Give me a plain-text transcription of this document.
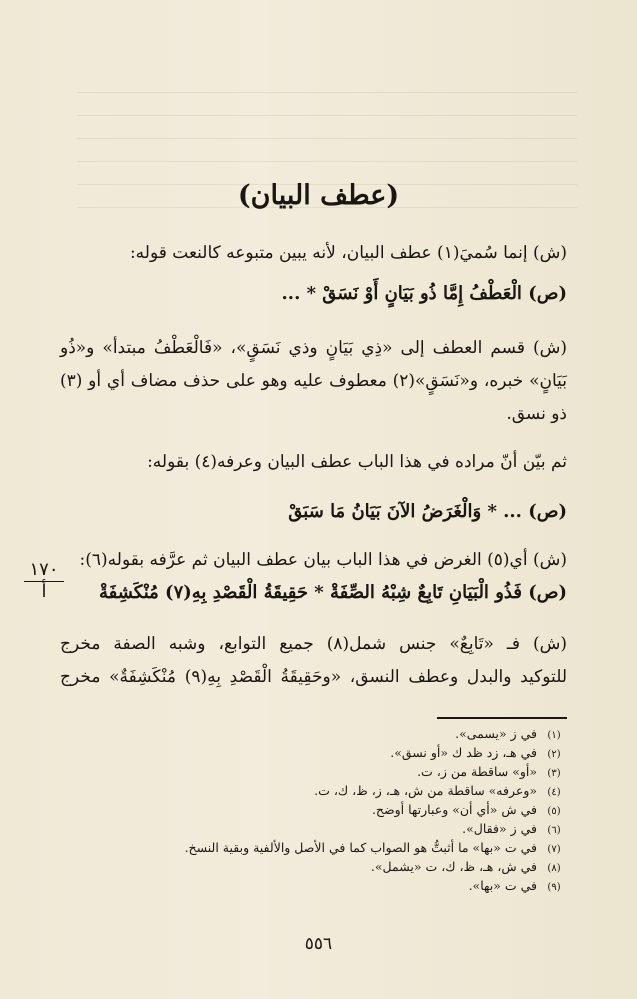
(عطف البيان)
(ش) إنما سُميَ(١) عطف البيان، لأنه يبين متبوعه كالنعت قوله:
(ص) الْعَطْفُ إِمَّا ذُو بَيَانٍ أَوْ نَسَقْ * ...
(ش) قسم العطف إلى «ذِي بَيَانٍ وذي نَسَقٍ»، «فَالْعَطْفُ مبتدأ» و«ذُو
بَيَانٍ» خبره، و«نَسَقٍ»(٢) معطوف عليه وهو على حذف مضاف أي أو (٣)
ذو نسق.
ثم بيّن أنّ مراده في هذا الباب عطف البيان وعرفه(٤) بقوله:
(ص) ... * وَالْغَرَضُ الآنَ بَيَانُ مَا سَبَقْ
(ش) أي(٥) الغرض في هذا الباب بيان عطف البيان ثم عرَّفه بقوله(٦):
(ص) فَذُو الْبَيَانِ تَابِعٌ شِبْهُ الصِّفَةْ * حَقِيقَةُ الْقَصْدِ بِهِ(٧) مُنْكَشِفَةْ
(ش) فـ «تَابِعٌ» جنس شمل(٨) جميع التوابع، وشبه الصفة مخرج
للتوكيد والبدل وعطف النسق، «وحَقِيقَةُ الْقَصْدِ بِهِ(٩) مُنْكَشِفَةٌ» مخرج
١٧٠
أ
(١) في ز «يسمى».
(٢) في هـ، زد ظد ك «أو نسق».
(٣) «أو» ساقطة من ز، ت.
(٤) «وعرفه» ساقطة من ش، هـ، ز، ظ، ك، ت.
(٥) في ش «أي أن» وعبارتها أوضح.
(٦) في ز «فقال».
(٧) في ت «بها» ما أثبتُّ هو الصواب كما في الأصل والألفية وبقية النسخ.
(٨) في ش، هـ، ظ، ك، ت «يشمل».
(٩) في ت «بها».
٥٥٦
